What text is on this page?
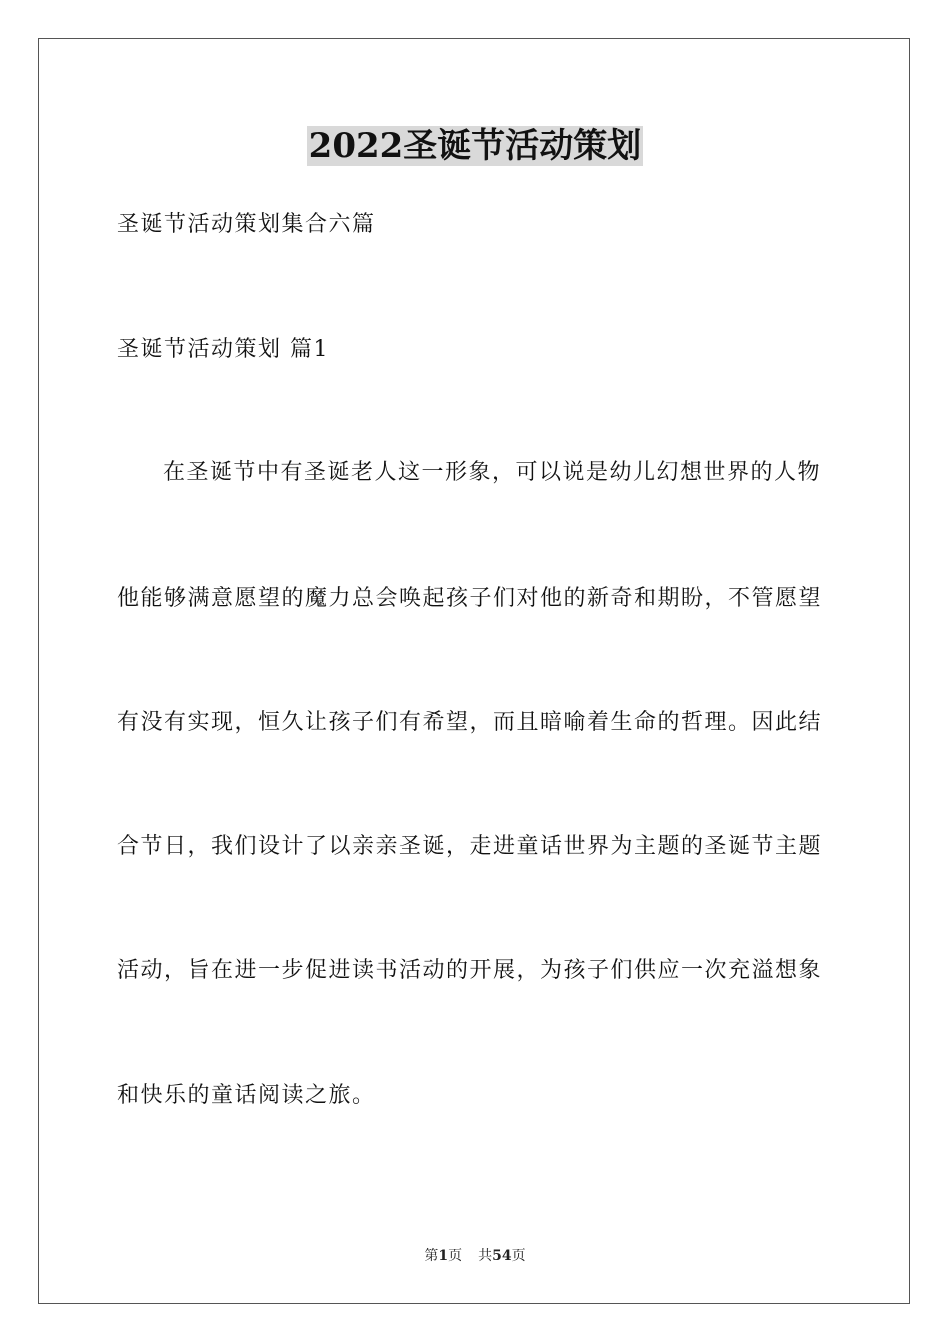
2022圣诞节活动策划
圣诞节活动策划集合六篇
圣诞节活动策划 篇1
在圣诞节中有圣诞老人这一形象，可以说是幼儿幻想世界的人物
他能够满意愿望的魔力总会唤起孩子们对他的新奇和期盼，不管愿望
有没有实现，恒久让孩子们有希望，而且暗喻着生命的哲理。因此结
合节日，我们设计了以亲亲圣诞，走进童话世界为主题的圣诞节主题
活动，旨在进一步促进读书活动的开展，为孩子们供应一次充溢想象
和快乐的童话阅读之旅。
第1页 共54页
